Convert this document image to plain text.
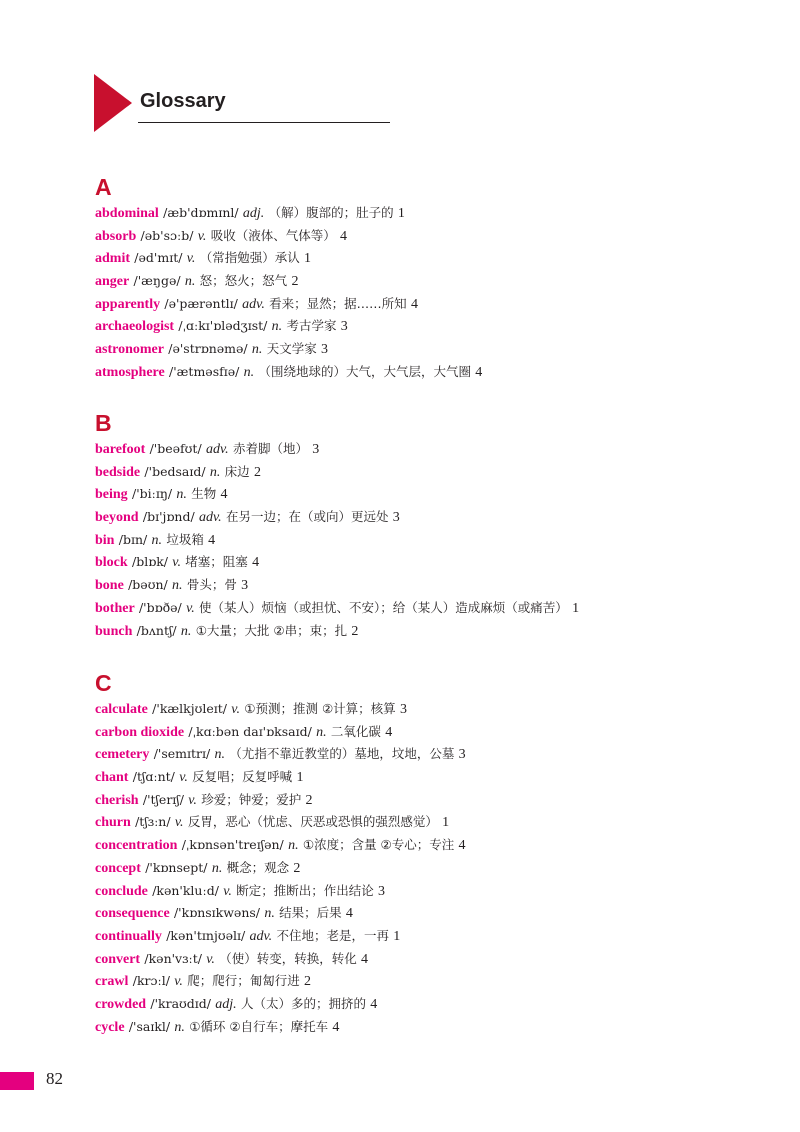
Glossary
A
abdominal /æb'dɒmɪnl/ adj. （解）腹部的；肚子的 1
absorb /əb'sɔːb/ v. 吸收（液体、气体等） 4
admit /əd'mɪt/ v. （常指勉强）承认 1
anger /'æŋgə/ n. 怒；怒火；怒气 2
apparently /ə'pærəntlɪ/ adv. 看来；显然；据……所知 4
archaeologist /ˌɑːkɪ'ɒlədʒɪst/ n. 考古学家 3
astronomer /ə'strɒnəmə/ n. 天文学家 3
atmosphere /'ætməsfɪə/ n. （围绕地球的）大气，大气层，大气圈 4
B
barefoot /'beəfʊt/ adv. 赤着脚（地） 3
bedside /'bedsaɪd/ n. 床边 2
being /'biːɪŋ/ n. 生物 4
beyond /bɪ'jɒnd/ adv. 在另一边；在（或向）更远处 3
bin /bɪn/ n. 垃圾箱 4
block /blɒk/ v. 堵塞；阻塞 4
bone /bəʊn/ n. 骨头；骨 3
bother /'bɒðə/ v. 使（某人）烦恼（或担忧、不安）；给（某人）造成麻烦（或痛苦） 1
bunch /bʌntʃ/ n. ①大量；大批 ②串；束；扎 2
C
calculate /'kælkjʊleɪt/ v. ①预测；推测 ②计算；核算 3
carbon dioxide /ˌkɑːbən daɪ'ɒksaɪd/ n. 二氧化碳 4
cemetery /'semɪtrɪ/ n. （尤指不靠近教堂的）墓地，坟地，公墓 3
chant /tʃɑːnt/ v. 反复唱；反复呼喊 1
cherish /'tʃerɪʃ/ v. 珍爱；钟爱；爱护 2
churn /tʃɜːn/ v. 反胃，恶心（忧虑、厌恶或恐惧的强烈感觉） 1
concentration /ˌkɒnsən'treɪʃən/ n. ①浓度；含量 ②专心；专注 4
concept /'kɒnsept/ n. 概念；观念 2
conclude /kən'kluːd/ v. 断定；推断出；作出结论 3
consequence /'kɒnsɪkwəns/ n. 结果；后果 4
continually /kən'tɪnjʊəlɪ/ adv. 不住地；老是，一再 1
convert /kən'vɜːt/ v. （使）转变，转换，转化 4
crawl /krɔːl/ v. 爬；爬行；匍匐行进 2
crowded /'kraʊdɪd/ adj. 人（太）多的；拥挤的 4
cycle /'saɪkl/ n. ①循环 ②自行车；摩托车 4
82
